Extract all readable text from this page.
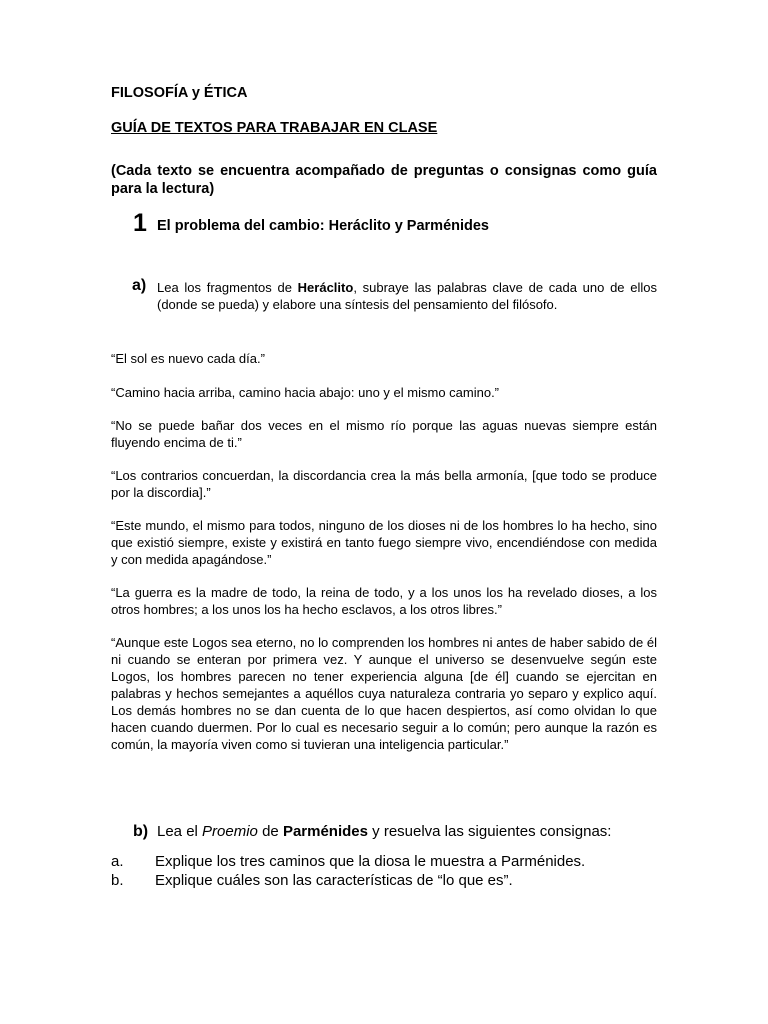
FILOSOFÍA y ÉTICA
GUÍA DE TEXTOS PARA TRABAJAR EN CLASE
(Cada texto se encuentra acompañado de preguntas o consignas como guía para la lectura)
1 El problema del cambio: Heráclito y Parménides
a) Lea los fragmentos de Heráclito, subraye las palabras clave de cada uno de ellos (donde se pueda) y elabore una síntesis del pensamiento del filósofo.
“El sol es nuevo cada día.”
“Camino hacia arriba, camino hacia abajo: uno y el mismo camino.”
“No se puede bañar dos veces en el mismo río porque las aguas nuevas siempre están fluyendo encima de ti.”
“Los contrarios concuerdan, la discordancia crea la más bella armonía, [que todo se produce por la discordia].”
“Este mundo, el mismo para todos, ninguno de los dioses ni de los hombres lo ha hecho, sino que existió siempre, existe y existirá en tanto fuego siempre vivo, encendiéndose con medida y con medida apagándose.”
“La guerra es la madre de todo, la reina de todo, y a los unos los ha revelado dioses, a los otros hombres; a los unos los ha hecho esclavos, a los otros libres.”
“Aunque este Logos sea eterno, no lo comprenden los hombres ni antes de haber sabido de él ni cuando se enteran por primera vez. Y aunque el universo se desenvuelve según este Logos, los hombres parecen no tener experiencia alguna [de él] cuando se ejercitan en palabras y hechos semejantes a aquéllos cuya naturaleza contraria yo separo y explico aquí. Los demás hombres no se dan cuenta de lo que hacen despiertos, así como olvidan lo que hacen cuando duermen. Por lo cual es necesario seguir a lo común; pero aunque la razón es común, la mayoría viven como si tuvieran una inteligencia particular.”
b) Lea el Proemio de Parménides y resuelva las siguientes consignas:
a. Explique los tres caminos que la diosa le muestra a Parménides.
b. Explique cuáles son las características de “lo que es”.
